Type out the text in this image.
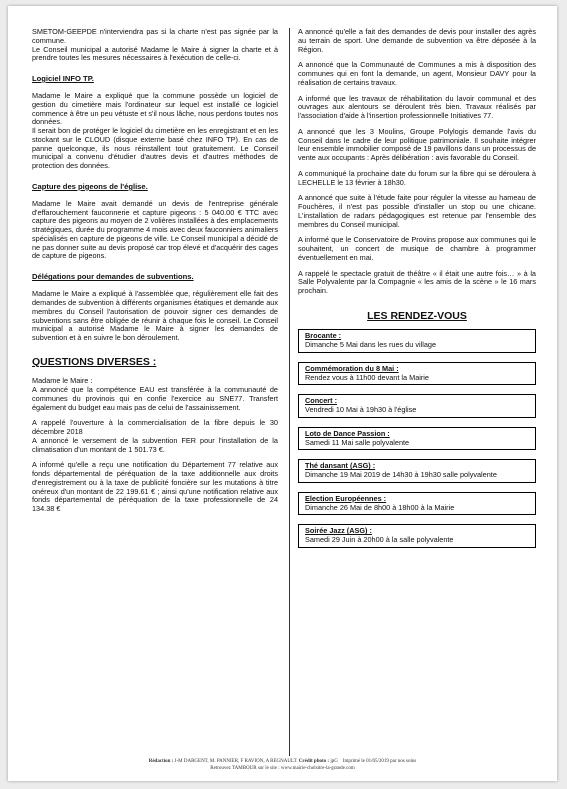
SMETOM-GEEPDE n'interviendra pas si la charte n'est pas signée par la commune.
Le Conseil municipal a autorisé Madame le Maire à signer la charte et à prendre toutes les mesures nécessaires à l'exécution de celle-ci.

Logiciel INFO TP.

Madame le Maire a expliqué que la commune possède un logiciel de gestion du cimetière mais l'ordinateur sur lequel est installé ce logiciel commence à être un peu vétuste et s'il nous lâche, nous perdons toutes nos données.
Il serait bon de protéger le logiciel du cimetière en les enregistrant et en les stockant sur le CLOUD (disque externe basé chez INFO TP). En cas de panne quelconque, ils nous réinstallent tout gratuitement. Le Conseil municipal a convenu d'étudier d'autres devis et d'autres méthodes de protection des données.

Capture des pigeons de l'église.

Madame le Maire avait demandé un devis de l'entreprise générale d'effarouchement fauconnerie et capture pigeons : 5 040.00 € TTC avec capture des pigeons au moyen de 2 volières installées à des emplacements stratégiques, durée du programme 4 mois avec deux fauconniers animaliers spécialisés en capture de pigeons de ville. Le Conseil municipal a décidé de ne pas donner suite au devis proposé car trop élevé et d'acquérir des cages de capture de pigeons.

Délégations pour demandes de subventions.

Madame le Maire a expliqué à l'assemblée que, régulièrement elle fait des demandes de subvention à différents organismes étatiques et demande aux membres du Conseil l'autorisation de pouvoir signer ces demandes de subventions sans être obligée de réunir à chaque fois le conseil. Le Conseil municipal a autorisé Madame le Maire à signer les demandes de subvention et à en suivre le bon déroulement.

QUESTIONS DIVERSES :

Madame le Maire :
A annoncé que la compétence EAU est transférée à la communauté de communes du provinois qui en confie l'exercice au SNE77. Transfert également du budget eau mais pas de celui de l'assainissement.

A rappelé l'ouverture à la commercialisation de la fibre depuis le 30 décembre 2018
A annoncé le versement de la subvention FER pour l'installation de la climatisation d'un montant de 1 501.73 €.

A informé qu'elle a reçu une notification du Département 77 relative aux fonds départemental de péréquation de la taxe additionnelle aux droits d'enregistrement ou à la taxe de publicité foncière sur les mutations à titre onéreux d'un montant de 22 199.61 € ; ainsi qu'une notification relative aux fonds départemental de péréquation de la taxe professionnelle de 24 134.38 €

A annoncé qu'elle a fait des demandes de devis pour installer des agrès au terrain de sport. Une demande de subvention va être déposée à la Région.

A annoncé que la Communauté de Communes a mis à disposition des communes qui en font la demande, un agent, Monsieur DAVY pour la réalisation de certains travaux.

A informé que les travaux de réhabilitation du lavoir communal et des ouvrages aux alentours se déroulent très bien. Travaux réalisés par l'association d'aide à l'insertion professionnelle Initiatives 77.

A annoncé que les 3 Moulins, Groupe Polylogis demande l'avis du Conseil dans le cadre de leur politique patrimoniale. Il souhaite intégrer leur ensemble immobilier composé de 19 pavillons dans un processus de vente aux occupants : Après délibération : avis favorable du Conseil.

A communiqué la prochaine date du forum sur la fibre qui se déroulera à LECHELLE le 13 février à 18h30.

A annoncé que suite à l'étude faite pour réguler la vitesse au hameau de Fouchères, il n'est pas possible d'installer un stop ou une chicane. L'installation de radars pédagogiques est retenue par l'ensemble des membres du Conseil municipal.

A informé que le Conservatoire de Provins propose aux communes qui le souhaitent, un concert de musique de chambre à programmer éventuellement en mai.

A rappelé le spectacle gratuit de théâtre « il était une autre fois… » à la Salle Polyvalente par la Compagnie « les amis de la scène » le 16 mars prochain.

LES RENDEZ-VOUS
Brocante :
Dimanche 5 Mai dans les rues du village
Commémoration du 8 Mai :
Rendez vous à 11h00 devant la Mairie
Concert :
Vendredi 10 Mai à 19h30 à l'église
Loto de Dance Passion :
Samedi 11 Mai salle polyvalente
Thé dansant (ASG) :
Dimanche 19 Mai 2019 de 14h30 à 19h30 salle polyvalente
Election Européennes :
Dimanche 26 Mai de 8h00 à 18h00 à la Mairie
Soirée Jazz (ASG) :
Samedi 29 Juin à 20h00 à la salle polyvalente
Rédaction : J-M DARGENT, M. PANNIER, F RAVION, A REGNAULT. Crédit photo : jpG Imprimé le 01/05/2019 par nos soins
Retrouvez TAMBOUR sur le site : www.mairie-cholsitre-la-grande.com
